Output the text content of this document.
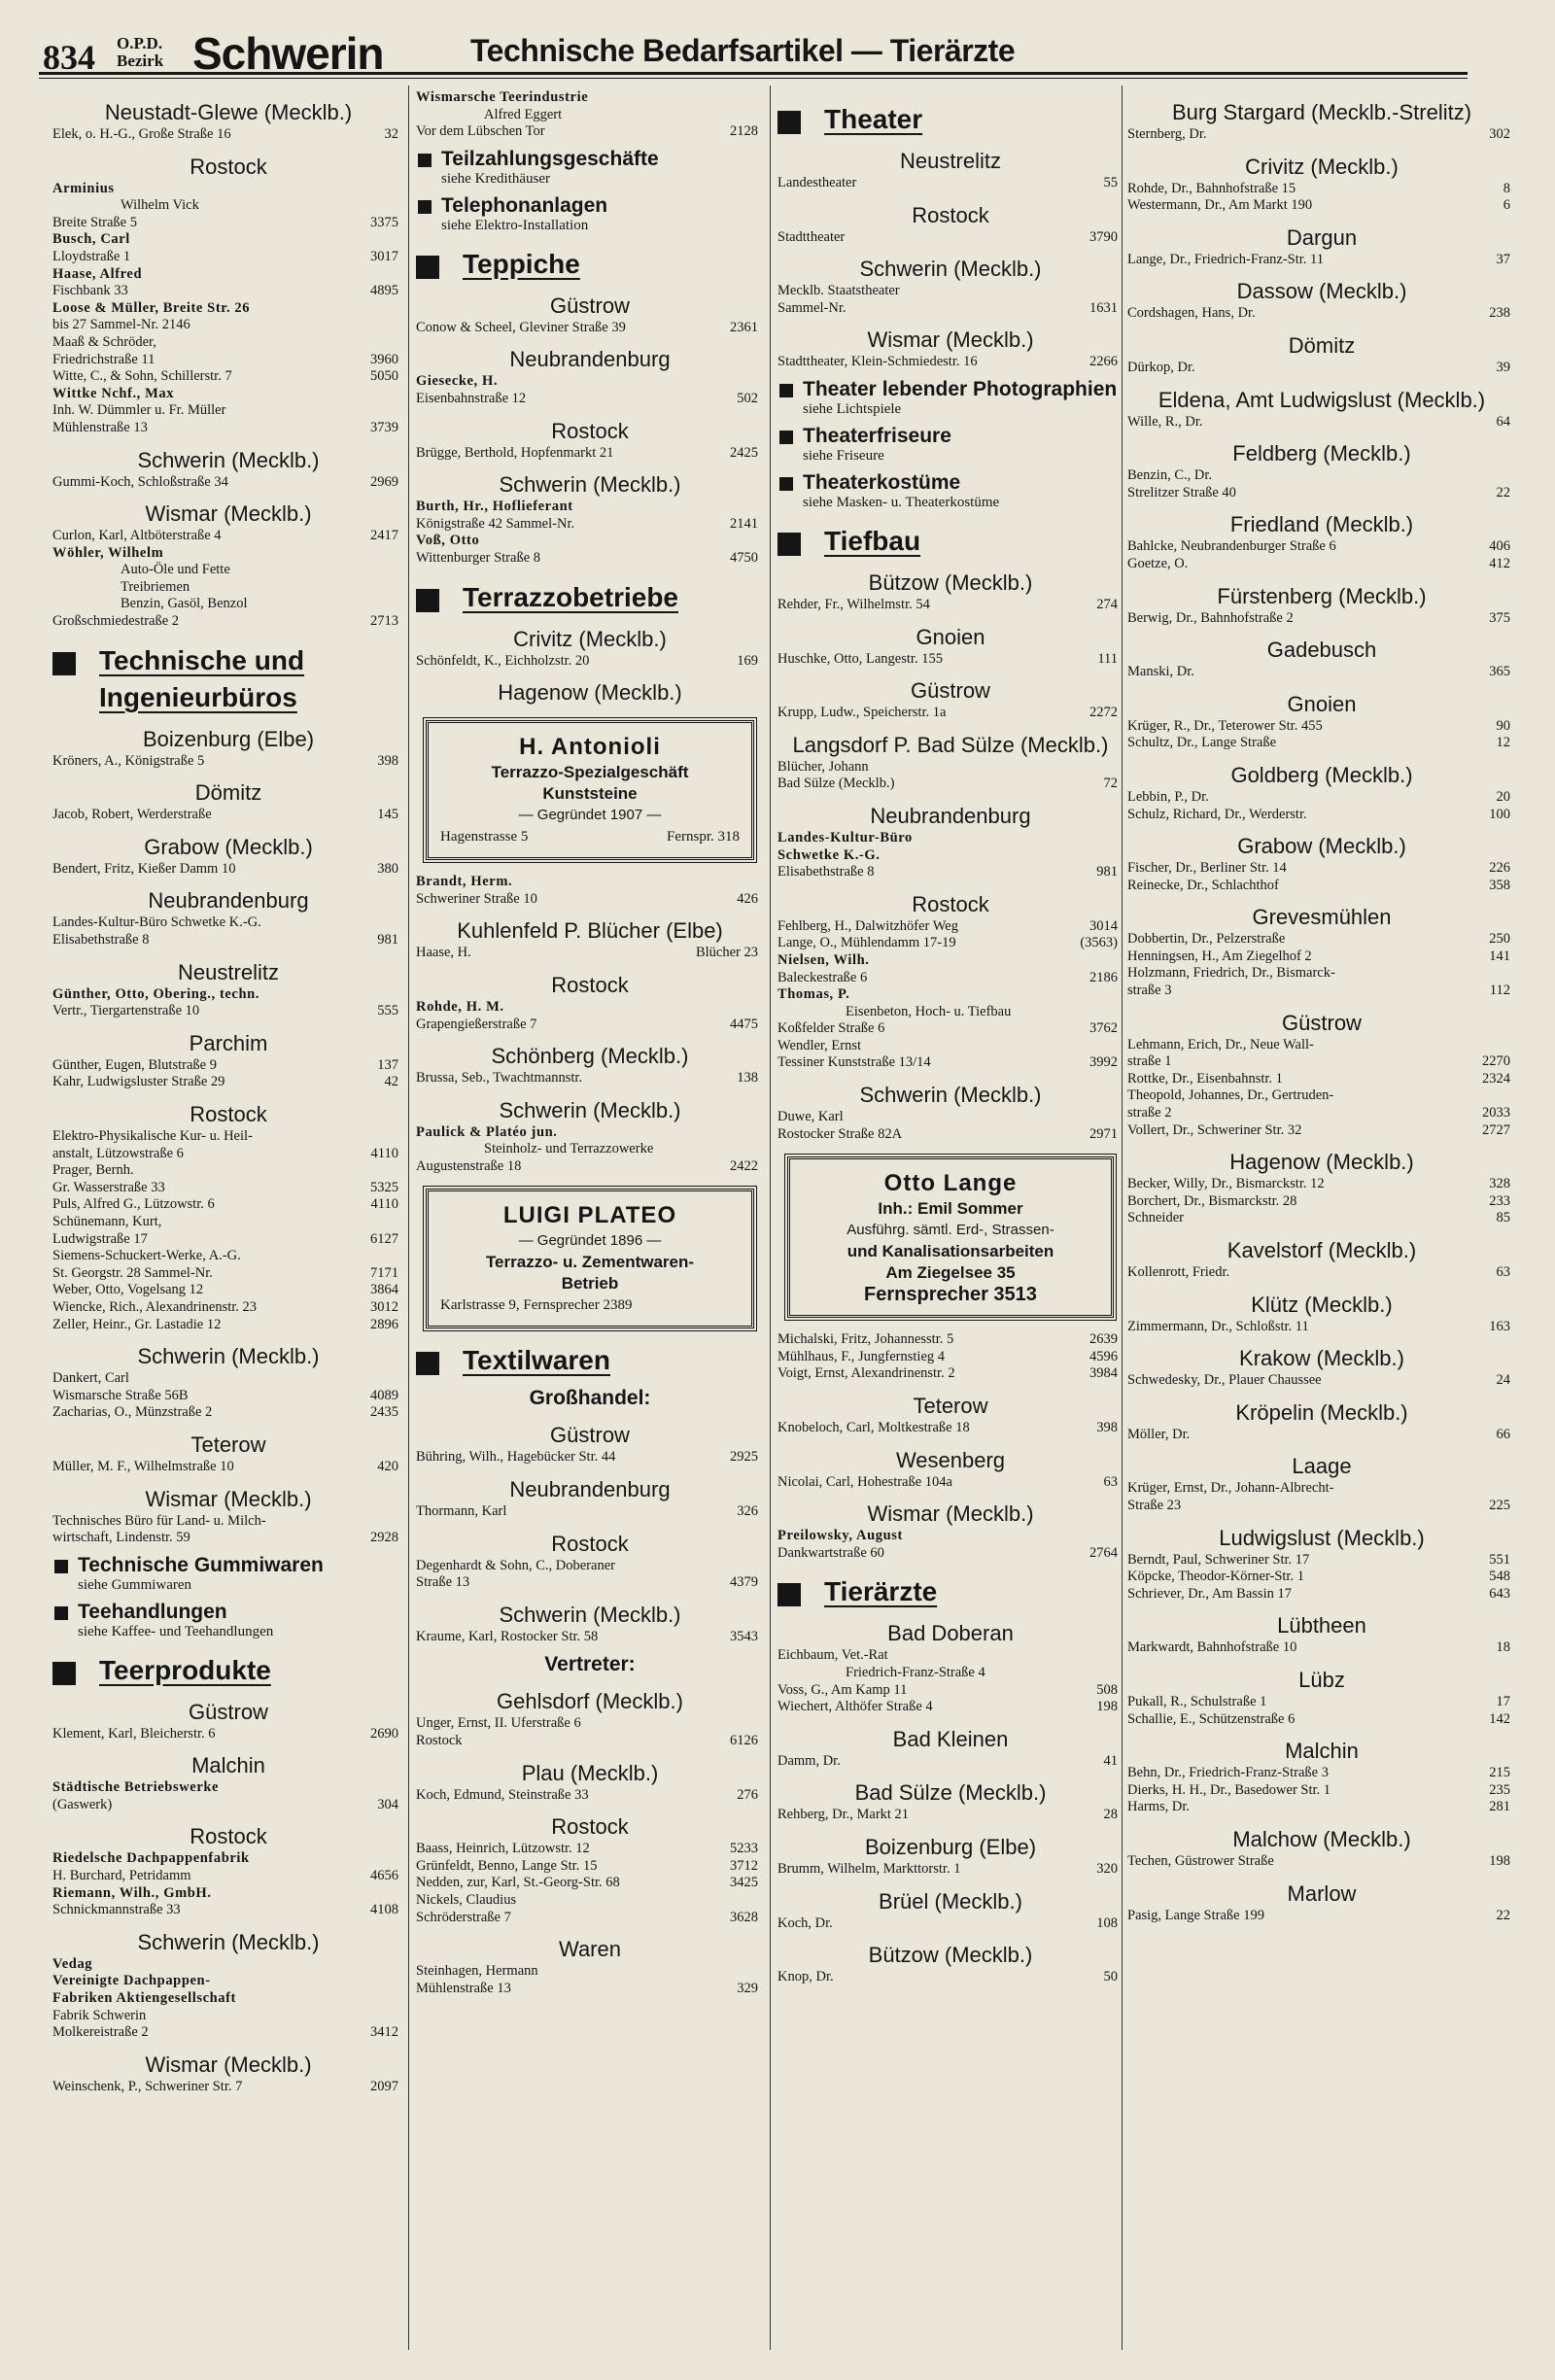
834 O.P.D.
Bezirk Schwerin	Technische Bedarfsartikel — Tierärzte
Neustadt-Glewe (Mecklb.)
Elek, o. H.-G., Große Straße 16	32
Rostock
Arminius
Wilhelm Vick
Breite Straße 5	3375
Busch, Carl
Lloydstraße 1	3017
Haase, Alfred
Fischbank 33	4895
Loose & Müller, Breite Str. 26
bis 27 Sammel-Nr. 2146
Maaß & Schröder,
Friedrichstraße 11	3960
Witte, C., & Sohn, Schillerstr. 7	5050
Wittke Nchf., Max
Inh. W. Dümmler u. Fr. Müller
Mühlenstraße 13	3739
Schwerin (Mecklb.)
Gummi-Koch, Schloßstraße 34	2969
Wismar (Mecklb.)
Curlon, Karl, Altböterstraße 4	2417
Wöhler, Wilhelm
Auto-Öle und Fette
Treibriemen
Benzin, Gasöl, Benzol
Großschmiedestraße 2	2713
Technische und Ingenieurbüros
Boizenburg (Elbe)
Kröners, A., Königstraße 5	398
Dömitz
Jacob, Robert, Werderstraße	145
Grabow (Mecklb.)
Bendert, Fritz, Kießer Damm 10	380
Neubrandenburg
Landes-Kultur-Büro Schwetke K.-G.
Elisabethstraße 8	981
Neustrelitz
Günther, Otto, Obering., techn.
Vertr., Tiergartenstraße 10	555
Parchim
Günther, Eugen, Blutstraße 9	137
Kahr, Ludwigsluster Straße 29	42
Rostock
Elektro-Physikalische Kur- u. Heil-
anstalt, Lützowstraße 6	4110
Prager, Bernh.
Gr. Wasserstraße 33	5325
Puls, Alfred G., Lützowstr. 6	4110
Schünemann, Kurt,
Ludwigstraße 17	6127
Siemens-Schuckert-Werke, A.-G.
St. Georgstr. 28 Sammel-Nr.	7171
Weber, Otto, Vogelsang 12	3864
Wiencke, Rich., Alexandrinenstr. 23	3012
Zeller, Heinr., Gr. Lastadie 12	2896
Schwerin (Mecklb.)
Dankert, Carl
Wismarsche Straße 56B	4089
Zacharias, O., Münzstraße 2	2435
Teterow
Müller, M. F., Wilhelmstraße 10	420
Wismar (Mecklb.)
Technisches Büro für Land- u. Milch-
wirtschaft, Lindenstr. 59	2928
Technische Gummiwaren
siehe Gummiwaren
Teehandlungen
siehe Kaffee- und Teehandlungen
Teerprodukte
Güstrow
Klement, Karl, Bleicherstr. 6	2690
Malchin
Städtische Betriebswerke
(Gaswerk)	304
Rostock
Riedelsche Dachpappenfabrik
H. Burchard, Petridamm	4656
Riemann, Wilh., GmbH.
Schnickmannstraße 33	4108
Schwerin (Mecklb.)
Vedag
Vereinigte Dachpappen-
Fabriken Aktiengesellschaft
Fabrik Schwerin
Molkereistraße 2	3412
Wismar (Mecklb.)
Weinschenk, P., Schweriner Str. 7	2097
Wismarsche Teerindustrie
Alfred Eggert
Vor dem Lübschen Tor	2128
Teilzahlungsgeschäfte
siehe Kredithäuser
Telephonanlagen
siehe Elektro-Installation
Teppiche
Güstrow
Conow & Scheel, Gleviner Straße 39	2361
Neubrandenburg
Giesecke, H.
Eisenbahnstraße 12	502
Rostock
Brügge, Berthold, Hopfenmarkt 21	2425
Schwerin (Mecklb.)
Burth, Hr., Hoflieferant
Königstraße 42 Sammel-Nr.	2141
Voß, Otto
Wittenburger Straße 8	4750
Terrazzobetriebe
Crivitz (Mecklb.)
Schönfeldt, K., Eichholzstr. 20	169
Hagenow (Mecklb.)
H. Antonioli
Terrazzo-Spezialgeschäft
Kunststeine
— Gegründet 1907 —
Hagenstrasse 5	Fernspr. 318
Brandt, Herm.
Schweriner Straße 10	426
Kuhlenfeld P. Blücher (Elbe)
Haase, H.	Blücher 23
Rostock
Rohde, H. M.
Grapengießerstraße 7	4475
Schönberg (Mecklb.)
Brussa, Seb., Twachtmannstr.	138
Schwerin (Mecklb.)
Paulick & Platéo jun.
Steinholz- und Terrazzowerke
Augustenstraße 18	2422
LUIGI PLATEO
— Gegründet 1896 —
Terrazzo- u. Zementwaren-
Betrieb
Karlstrasse 9, Fernsprecher 2389
Textilwaren
Großhandel:
Güstrow
Bühring, Wilh., Hagebücker Str. 44	2925
Neubrandenburg
Thormann, Karl	326
Rostock
Degenhardt & Sohn, C., Doberaner
Straße 13	4379
Schwerin (Mecklb.)
Kraume, Karl, Rostocker Str. 58	3543
Vertreter:
Gehlsdorf (Mecklb.)
Unger, Ernst, II. Uferstraße 6
Rostock	6126
Plau (Mecklb.)
Koch, Edmund, Steinstraße 33	276
Rostock
Baass, Heinrich, Lützowstr. 12	5233
Grünfeldt, Benno, Lange Str. 15	3712
Nedden, zur, Karl, St.-Georg-Str. 68	3425
Nickels, Claudius
Schröderstraße 7	3628
Waren
Steinhagen, Hermann
Mühlenstraße 13	329
Theater
Neustrelitz
Landestheater	55
Rostock
Stadttheater	3790
Schwerin (Mecklb.)
Mecklb. Staatstheater
Sammel-Nr.	1631
Wismar (Mecklb.)
Stadttheater, Klein-Schmiedestr. 16	2266
Theater lebender Photographien
siehe Lichtspiele
Theaterfriseure
siehe Friseure
Theaterkostüme
siehe Masken- u. Theaterkostüme
Tiefbau
Bützow (Mecklb.)
Rehder, Fr., Wilhelmstr. 54	274
Gnoien
Huschke, Otto, Langestr. 155	111
Güstrow
Krupp, Ludw., Speicherstr. 1a	2272
Langsdorf P. Bad Sülze (Mecklb.)
Blücher, Johann
Bad Sülze (Mecklb.)	72
Neubrandenburg
Landes-Kultur-Büro
Schwetke K.-G.
Elisabethstraße 8	981
Rostock
Fehlberg, H., Dalwitzhöfer Weg	3014
Lange, O., Mühlendamm 17-19	(3563)
Nielsen, Wilh.
Baleckestraße 6	2186
Thomas, P.
Eisenbeton, Hoch- u. Tiefbau
Koßfelder Straße 6	3762
Wendler, Ernst
Tessiner Kunststraße 13/14	3992
Schwerin (Mecklb.)
Duwe, Karl
Rostocker Straße 82A	2971
Otto Lange
Inh.: Emil Sommer
Ausführg. sämtl. Erd-, Strassen-
und Kanalisationsarbeiten
Am Ziegelsee 35
Fernsprecher 3513
Michalski, Fritz, Johannesstr. 5	2639
Mühlhaus, F., Jungfernstieg 4	4596
Voigt, Ernst, Alexandrinenstr. 2	3984
Teterow
Knobeloch, Carl, Moltkestraße 18	398
Wesenberg
Nicolai, Carl, Hohestraße 104a	63
Wismar (Mecklb.)
Preilowsky, August
Dankwartstraße 60	2764
Tierärzte
Bad Doberan
Eichbaum, Vet.-Rat
Friedrich-Franz-Straße 4
Voss, G., Am Kamp 11	508
Wiechert, Althöfer Straße 4	198
Bad Kleinen
Damm, Dr.	41
Bad Sülze (Mecklb.)
Rehberg, Dr., Markt 21	28
Boizenburg (Elbe)
Brumm, Wilhelm, Markttorstr. 1	320
Brüel (Mecklb.)
Koch, Dr.	108
Bützow (Mecklb.)
Knop, Dr.	50
Burg Stargard (Mecklb.-Strelitz)
Sternberg, Dr.	302
Crivitz (Mecklb.)
Rohde, Dr., Bahnhofstraße 15	8
Westermann, Dr., Am Markt 190	6
Dargun
Lange, Dr., Friedrich-Franz-Str. 11	37
Dassow (Mecklb.)
Cordshagen, Hans, Dr.	238
Dömitz
Dürkop, Dr.	39
Eldena, Amt Ludwigslust (Mecklb.)
Wille, R., Dr.	64
Feldberg (Mecklb.)
Benzin, C., Dr.
Strelitzer Straße 40	22
Friedland (Mecklb.)
Bahlcke, Neubrandenburger Straße 6	406
Goetze, O.	412
Fürstenberg (Mecklb.)
Berwig, Dr., Bahnhofstraße 2	375
Gadebusch
Manski, Dr.	365
Gnoien
Krüger, R., Dr., Teterower Str. 455	90
Schultz, Dr., Lange Straße	12
Goldberg (Mecklb.)
Lebbin, P., Dr.	20
Schulz, Richard, Dr., Werderstr.	100
Grabow (Mecklb.)
Fischer, Dr., Berliner Str. 14	226
Reinecke, Dr., Schlachthof	358
Grevesmühlen
Dobbertin, Dr., Pelzerstraße	250
Henningsen, H., Am Ziegelhof 2	141
Holzmann, Friedrich, Dr., Bismarck-
straße 3	112
Güstrow
Lehmann, Erich, Dr., Neue Wall-
straße 1	2270
Rottke, Dr., Eisenbahnstr. 1	2324
Theopold, Johannes, Dr., Gertruden-
straße 2	2033
Vollert, Dr., Schweriner Str. 32	2727
Hagenow (Mecklb.)
Becker, Willy, Dr., Bismarckstr. 12	328
Borchert, Dr., Bismarckstr. 28	233
Schneider	85
Kavelstorf (Mecklb.)
Kollenrott, Friedr.	63
Klütz (Mecklb.)
Zimmermann, Dr., Schloßstr. 11	163
Krakow (Mecklb.)
Schwedesky, Dr., Plauer Chaussee	24
Kröpelin (Mecklb.)
Möller, Dr.	66
Laage
Krüger, Ernst, Dr., Johann-Albrecht-
Straße 23	225
Ludwigslust (Mecklb.)
Berndt, Paul, Schweriner Str. 17	551
Köpcke, Theodor-Körner-Str. 1	548
Schriever, Dr., Am Bassin 17	643
Lübtheen
Markwardt, Bahnhofstraße 10	18
Lübz
Pukall, R., Schulstraße 1	17
Schallie, E., Schützenstraße 6	142
Malchin
Behn, Dr., Friedrich-Franz-Straße 3	215
Dierks, H. H., Dr., Basedower Str. 1	235
Harms, Dr.	281
Malchow (Mecklb.)
Techen, Güstrower Straße	198
Marlow
Pasig, Lange Straße 199	22
